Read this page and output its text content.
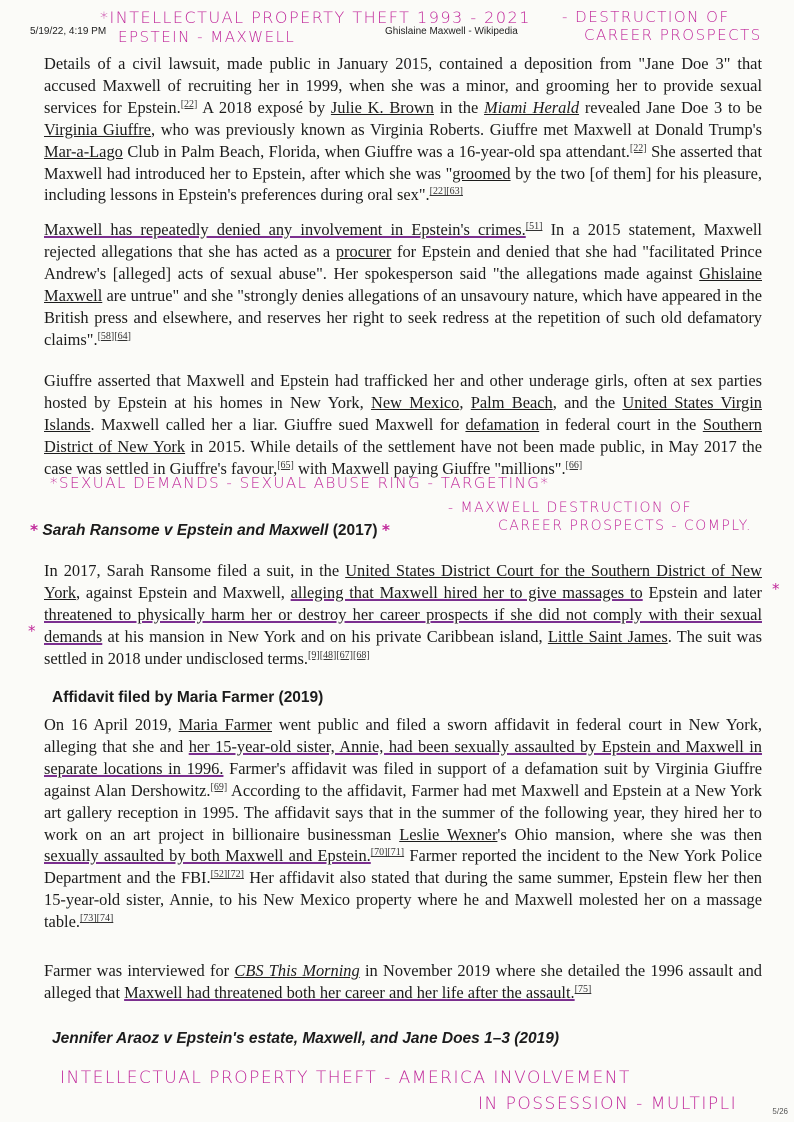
5/19/22, 4:19 PM	Ghislaine Maxwell - Wikipedia
*INTELLECTUAL PROPERTY THEFT 1993 - 2021
EPSTEIN - MAXWELL
- DESTRUCTION OF
CAREER PROSPECTS

Details of a civil lawsuit, made public in January 2015, contained a deposition from "Jane Doe 3" that accused Maxwell of recruiting her in 1999, when she was a minor, and grooming her to provide sexual services for Epstein.[22] A 2018 exposé by Julie K. Brown in the Miami Herald revealed Jane Doe 3 to be Virginia Giuffre, who was previously known as Virginia Roberts. Giuffre met Maxwell at Donald Trump's Mar-a-Lago Club in Palm Beach, Florida, when Giuffre was a 16-year-old spa attendant.[22] She asserted that Maxwell had introduced her to Epstein, after which she was "groomed by the two [of them] for his pleasure, including lessons in Epstein's preferences during oral sex".[22][63]

Maxwell has repeatedly denied any involvement in Epstein's crimes.[51] In a 2015 statement, Maxwell rejected allegations that she has acted as a procurer for Epstein and denied that she had "facilitated Prince Andrew's [alleged] acts of sexual abuse". Her spokesperson said "the allegations made against Ghislaine Maxwell are untrue" and she "strongly denies allegations of an unsavoury nature, which have appeared in the British press and elsewhere, and reserves her right to seek redress at the repetition of such old defamatory claims".[58][64]

Giuffre asserted that Maxwell and Epstein had trafficked her and other underage girls, often at sex parties hosted by Epstein at his homes in New York, New Mexico, Palm Beach, and the United States Virgin Islands. Maxwell called her a liar. Giuffre sued Maxwell for defamation in federal court in the Southern District of New York in 2015. While details of the settlement have not been made public, in May 2017 the case was settled in Giuffre's favour,[65] with Maxwell paying Giuffre "millions".[66]

*SEXUAL DEMANDS - SEXUAL ABUSE RING - TARGETING*
- MAXWELL DESTRUCTION OF
CAREER PROSPECTS - COMPLY.
* Sarah Ransome v Epstein and Maxwell (2017) *

In 2017, Sarah Ransome filed a suit, in the United States District Court for the Southern District of New York, against Epstein and Maxwell, alleging that Maxwell hired her to give massages to Epstein and later threatened to physically harm her or destroy her career prospects if she did not comply with their sexual demands at his mansion in New York and on his private Caribbean island, Little Saint James. The suit was settled in 2018 under undisclosed terms.[9][48][67][68]

*
*
Affidavit filed by Maria Farmer (2019)

On 16 April 2019, Maria Farmer went public and filed a sworn affidavit in federal court in New York, alleging that she and her 15-year-old sister, Annie, had been sexually assaulted by Epstein and Maxwell in separate locations in 1996. Farmer's affidavit was filed in support of a defamation suit by Virginia Giuffre against Alan Dershowitz.[69] According to the affidavit, Farmer had met Maxwell and Epstein at a New York art gallery reception in 1995. The affidavit says that in the summer of the following year, they hired her to work on an art project in billionaire businessman Leslie Wexner's Ohio mansion, where she was then sexually assaulted by both Maxwell and Epstein.[70][71] Farmer reported the incident to the New York Police Department and the FBI.[52][72] Her affidavit also stated that during the same summer, Epstein flew her then 15-year-old sister, Annie, to his New Mexico property where he and Maxwell molested her on a massage table.[73][74]

Farmer was interviewed for CBS This Morning in November 2019 where she detailed the 1996 assault and alleged that Maxwell had threatened both her career and her life after the assault.[75]

Jennifer Araoz v Epstein's estate, Maxwell, and Jane Does 1–3 (2019)
INTELLECTUAL PROPERTY THEFT - AMERICA INVOLVEMENT
IN POSSESSION - MULTIPLI	5/26
